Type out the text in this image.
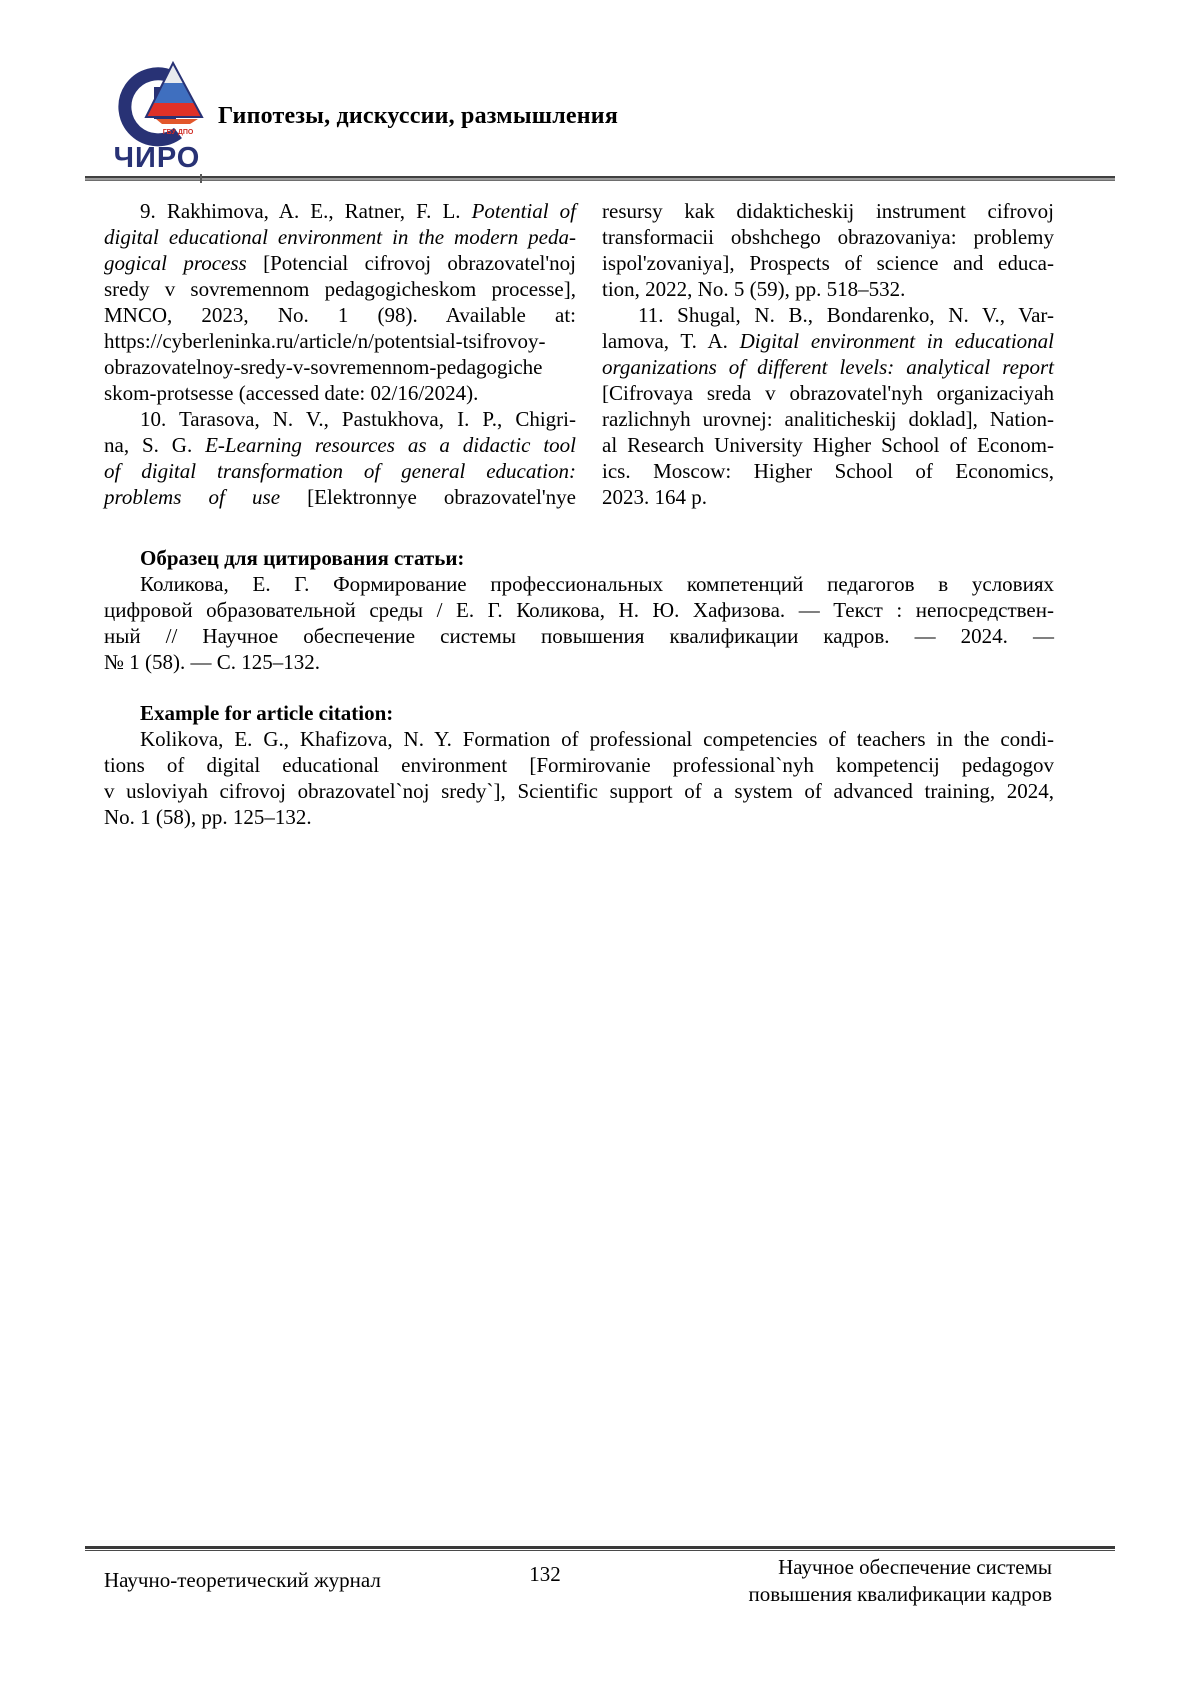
ГБУ ДПО
ЧИРО
Гипотезы, дискуссии, размышления
9. Rakhimova, A. E., Ratner, F. L. Potential of
digital educational environment in the modern peda-
gogical process [Potencial cifrovoj obrazovatel'noj
sredy v sovremennom pedagogicheskom processe],
MNCO, 2023, No. 1 (98). Available at:
https://cyberleninka.ru/article/n/potentsial-tsifrovoy-
obrazovatelnoy-sredy-v-sovremennom-pedagogiche
skom-protsesse (accessed date: 02/16/2024).
10. Tarasova, N. V., Pastukhova, I. P., Chigri-
na, S. G. E-Learning resources as a didactic tool
of digital transformation of general education:
problems of use [Elektronnye obrazovatel'nye
resursy kak didakticheskij instrument cifrovoj
transformacii obshchego obrazovaniya: problemy
ispol'zovaniya], Prospects of science and educa-
tion, 2022, No. 5 (59), pp. 518–532.
11. Shugal, N. B., Bondarenko, N. V., Var-
lamova, T. A. Digital environment in educational
organizations of different levels: analytical report
[Cifrovaya sreda v obrazovatel'nyh organizaciyah
razlichnyh urovnej: analiticheskij doklad], Nation-
al Research University Higher School of Econom-
ics. Moscow: Higher School of Economics,
2023. 164 p.
Образец для цитирования статьи:
Коликова, Е. Г. Формирование профессиональных компетенций педагогов в условиях
цифровой образовательной среды / Е. Г. Коликова, Н. Ю. Хафизова. — Текст : непосредствен-
ный // Научное обеспечение системы повышения квалификации кадров. — 2024. —
№ 1 (58). — С. 125–132.
Example for article citation:
Kolikova, E. G., Khafizova, N. Y. Formation of professional competencies of teachers in the condi-
tions of digital educational environment [Formirovanie professional`nyh kompetencij pedagogov
v usloviyah cifrovoj obrazovatel`noj sredy`], Scientific support of a system of advanced training, 2024,
No. 1 (58), pp. 125–132.
Научно-теоретический журнал	132	Научное обеспечение системы
повышения квалификации кадров
